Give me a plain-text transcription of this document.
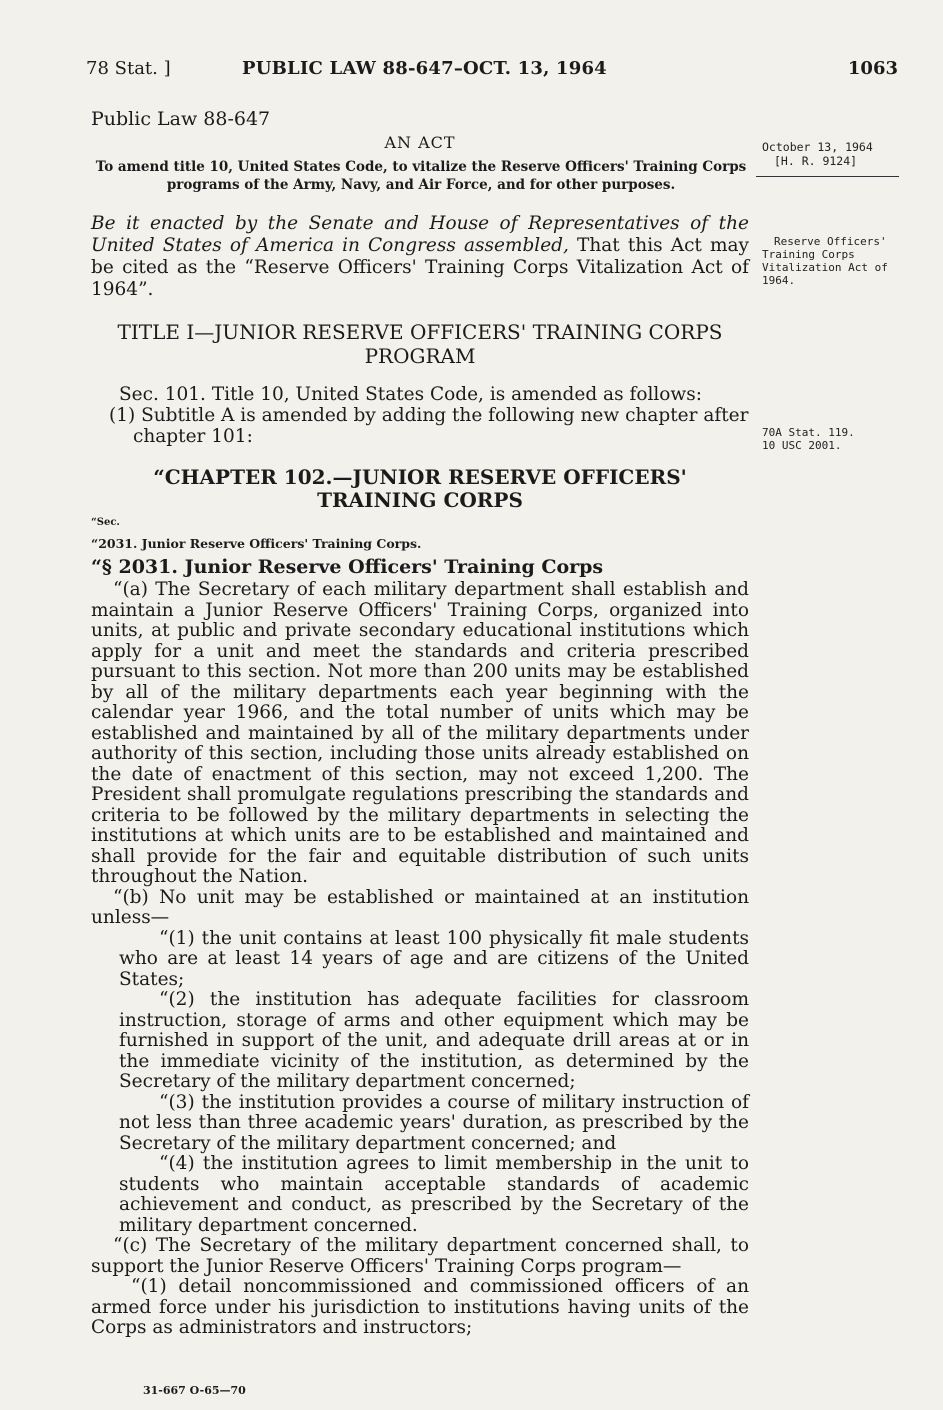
78 Stat. ]	PUBLIC LAW 88-647–OCT. 13, 1964	1063
Public Law 88-647
AN ACT
To amend title 10, United States Code, to vitalize the Reserve Officers' Training Corps programs of the Army, Navy, and Air Force, and for other purposes.
Be it enacted by the Senate and House of Representatives of the United States of America in Congress assembled, That this Act may be cited as the “Reserve Officers' Training Corps Vitalization Act of 1964”.
TITLE I—JUNIOR RESERVE OFFICERS' TRAINING CORPS PROGRAM
Sec. 101. Title 10, United States Code, is amended as follows:
(1) Subtitle A is amended by adding the following new chapter after chapter 101:
“CHAPTER 102.—JUNIOR RESERVE OFFICERS' TRAINING CORPS
“Sec.
“2031. Junior Reserve Officers' Training Corps.
“§ 2031. Junior Reserve Officers' Training Corps

“(a) The Secretary of each military department shall establish and maintain a Junior Reserve Officers' Training Corps, organized into units, at public and private secondary educational institutions which apply for a unit and meet the standards and criteria prescribed pursuant to this section. Not more than 200 units may be established by all of the military departments each year beginning with the calendar year 1966, and the total number of units which may be established and maintained by all of the military departments under authority of this section, including those units already established on the date of enactment of this section, may not exceed 1,200. The President shall promulgate regulations prescribing the standards and criteria to be followed by the military departments in selecting the institutions at which units are to be established and maintained and shall provide for the fair and equitable distribution of such units throughout the Nation.

“(b) No unit may be established or maintained at an institution unless—

“(1) the unit contains at least 100 physically fit male students who are at least 14 years of age and are citizens of the United States;

“(2) the institution has adequate facilities for classroom instruction, storage of arms and other equipment which may be furnished in support of the unit, and adequate drill areas at or in the immediate vicinity of the institution, as determined by the Secretary of the military department concerned;

“(3) the institution provides a course of military instruction of not less than three academic years' duration, as prescribed by the Secretary of the military department concerned; and

“(4) the institution agrees to limit membership in the unit to students who maintain acceptable standards of academic achievement and conduct, as prescribed by the Secretary of the military department concerned.

“(c) The Secretary of the military department concerned shall, to support the Junior Reserve Officers' Training Corps program—

“(1) detail noncommissioned and commissioned officers of an armed force under his jurisdiction to institutions having units of the Corps as administrators and instructors;

October 13, 1964
[H. R. 9124]
Reserve Officers'
Training Corps
Vitalization Act of
1964.
70A Stat. 119.
10 USC 2001.
31-667 O-65—70
